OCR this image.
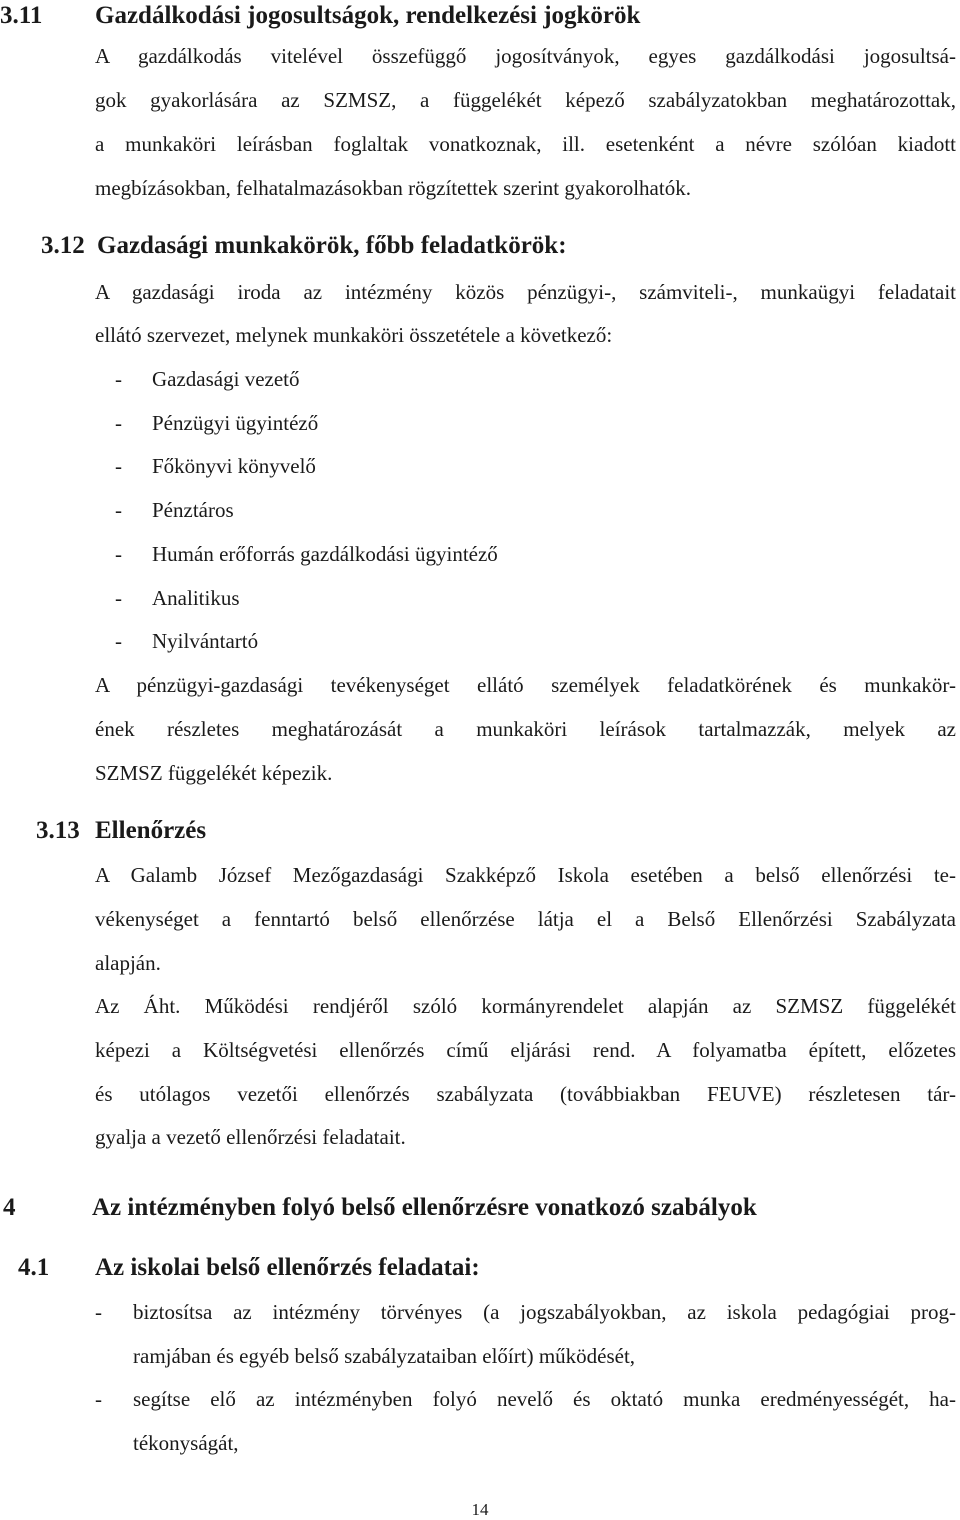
3.11 Gazdálkodási jogosultságok, rendelkezési jogkörök
A gazdálkodás vitelével összefüggő jogosítványok, egyes gazdálkodási jogosultsá-
gok gyakorlására az SZMSZ, a függelékét képező szabályzatokban meghatározottak,
a munkaköri leírásban foglaltak vonatkoznak, ill. esetenként a névre szólóan kiadott
megbízásokban, felhatalmazásokban rögzítettek szerint gyakorolhatók.
3.12 Gazdasági munkakörök, főbb feladatkörök:
A gazdasági iroda az intézmény közös pénzügyi-, számviteli-, munkaügyi feladatait
ellátó szervezet, melynek munkaköri összetétele a következő:
- Gazdasági vezető
- Pénzügyi ügyintéző
- Főkönyvi könyvelő
- Pénztáros
- Humán erőforrás gazdálkodási ügyintéző
- Analitikus
- Nyilvántartó
A pénzügyi-gazdasági tevékenységet ellátó személyek feladatkörének és munkakör-
ének részletes meghatározását a munkaköri leírások tartalmazzák, melyek az
SZMSZ függelékét képezik.
3.13 Ellenőrzés
A Galamb József Mezőgazdasági Szakképző Iskola esetében a belső ellenőrzési te-
vékenységet a fenntartó belső ellenőrzése látja el a Belső Ellenőrzési Szabályzata
alapján.
Az Áht. Működési rendjéről szóló kormányrendelet alapján az SZMSZ függelékét
képezi a Költségvetési ellenőrzés című eljárási rend. A folyamatba épített, előzetes
és utólagos vezetői ellenőrzés szabályzata (továbbiakban FEUVE) részletesen tár-
gyalja a vezető ellenőrzési feladatait.
4	Az intézményben folyó belső ellenőrzésre vonatkozó szabályok
4.1 Az iskolai belső ellenőrzés feladatai:
- biztosítsa az intézmény törvényes (a jogszabályokban, az iskola pedagógiai prog-
ramjában és egyéb belső szabályzataiban előírt) működését,
- segítse elő az intézményben folyó nevelő és oktató munka eredményességét, ha-
tékonyságát,
14
